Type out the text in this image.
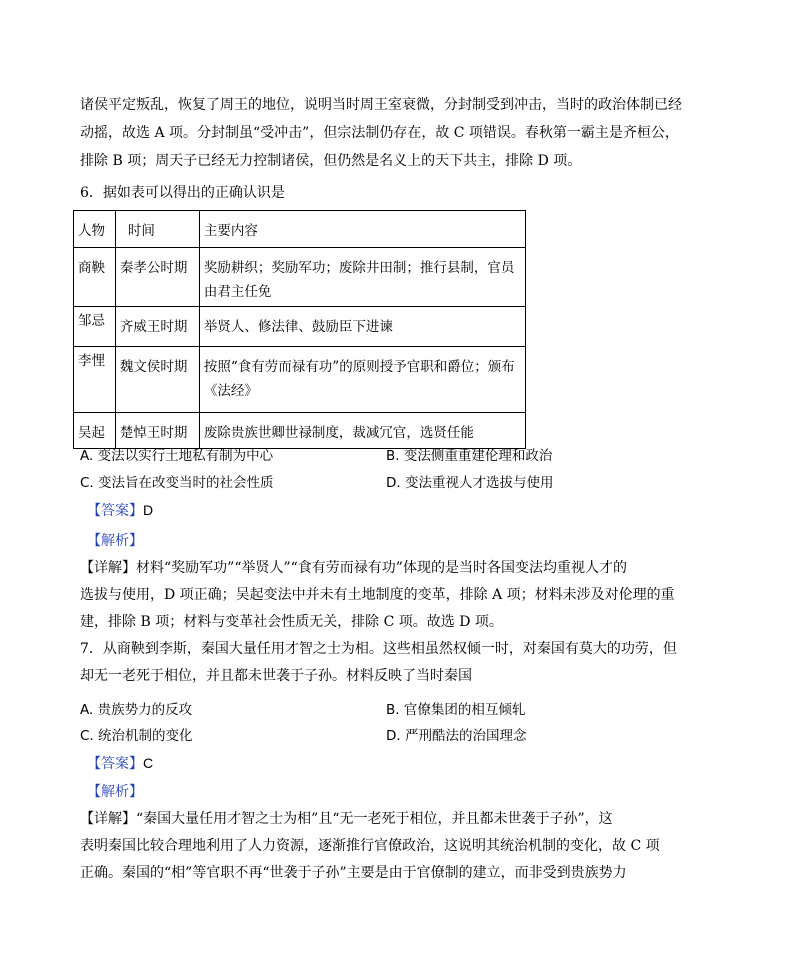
诸侯平定叛乱，恢复了周王的地位，说明当时周王室衰微，分封制受到冲击，当时的政治体制已经
动摇，故选 A 项。分封制虽“受冲击”，但宗法制仍存在，故 C 项错误。春秋第一霸主是齐桓公，
排除 B 项；周天子已经无力控制诸侯，但仍然是名义上的天下共主，排除 D 项。
6．据如表可以得出的正确认识是
人物	时间	主要内容
商鞅	秦孝公时期	奖励耕织；奖励军功；废除井田制；推行县制，官员由君主任免
邹忌	齐威王时期	举贤人、修法律、鼓励臣下进谏
李悝	魏文侯时期	按照“食有劳而禄有功”的原则授予官职和爵位；颁布《法经》
吴起	楚悼王时期	废除贵族世卿世禄制度，裁减冗官，选贤任能
A. 变法以实行土地私有制为中心	B. 变法侧重重建伦理和政治
C. 变法旨在改变当时的社会性质	D. 变法重视人才选拔与使用
【答案】D
【解析】
【详解】材料“奖励军功”“举贤人”“食有劳而禄有功”体现的是当时各国变法均重视人才的
选拔与使用，D 项正确；吴起变法中并未有土地制度的变革，排除 A 项；材料未涉及对伦理的重
建，排除 B 项；材料与变革社会性质无关，排除 C 项。故选 D 项。
7．从商鞅到李斯，秦国大量任用才智之士为相。这些相虽然权倾一时，对秦国有莫大的功劳，但
却无一老死于相位，并且都未世袭于子孙。材料反映了当时秦国
A. 贵族势力的反攻	B. 官僚集团的相互倾轧
C. 统治机制的变化	D. 严刑酷法的治国理念
【答案】C
【解析】
【详解】“秦国大量任用才智之士为相”且“无一老死于相位，并且都未世袭于子孙”，这
表明秦国比较合理地利用了人力资源，逐渐推行官僚政治，这说明其统治机制的变化，故 C 项
正确。秦国的“相”等官职不再“世袭于子孙”主要是由于官僚制的建立，而非受到贵族势力
